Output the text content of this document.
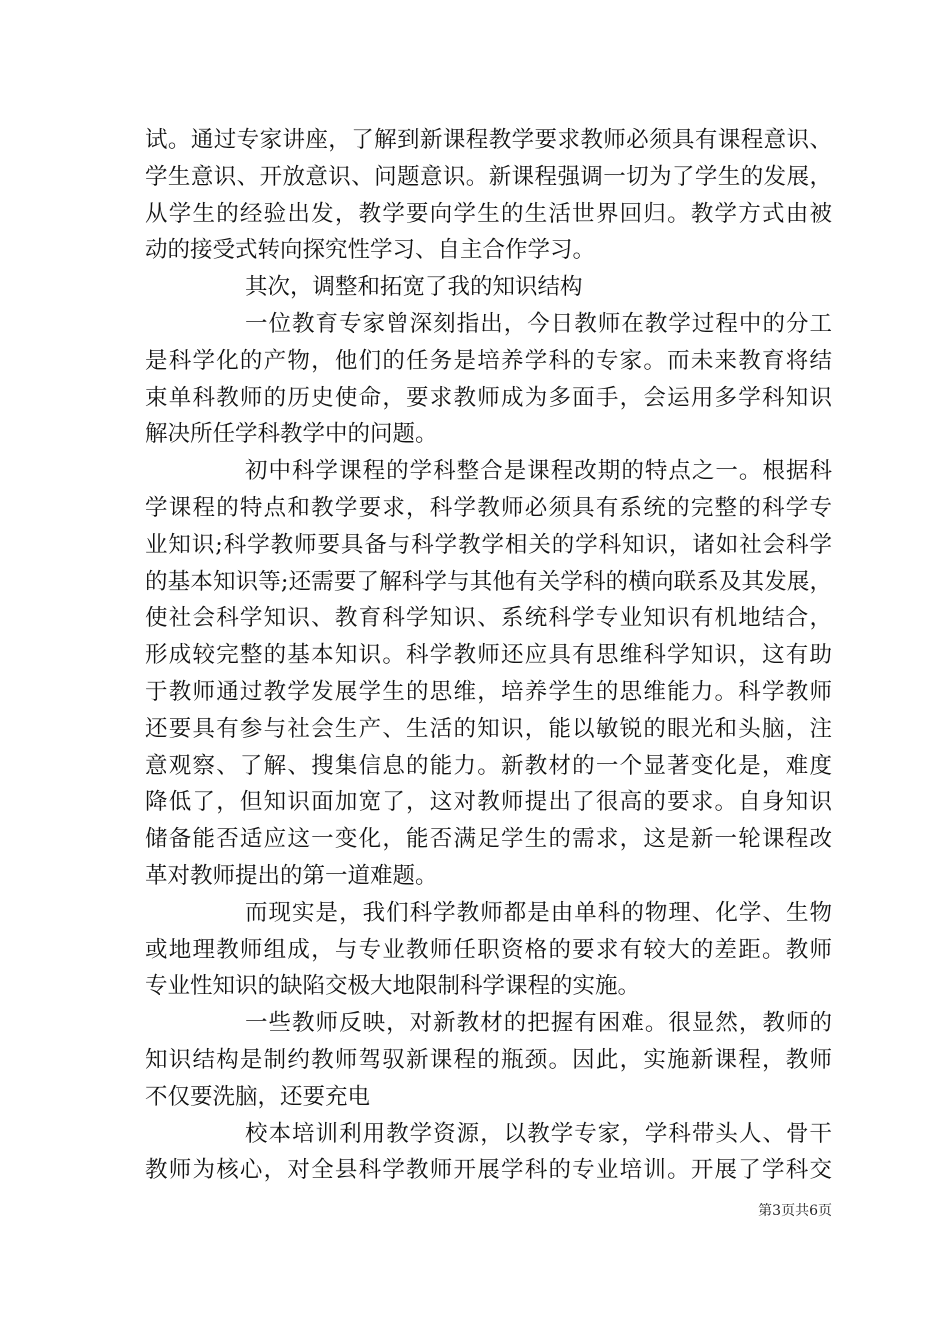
试。通过专家讲座，了解到新课程教学要求教师必须具有课程意识、
学生意识、开放意识、问题意识。新课程强调一切为了学生的发展，
从学生的经验出发，教学要向学生的生活世界回归。教学方式由被
动的接受式转向探究性学习、自主合作学习。
其次，调整和拓宽了我的知识结构
一位教育专家曾深刻指出，今日教师在教学过程中的分工
是科学化的产物，他们的任务是培养学科的专家。而未来教育将结
束单科教师的历史使命，要求教师成为多面手，会运用多学科知识
解决所任学科教学中的问题。
初中科学课程的学科整合是课程改期的特点之一。根据科
学课程的特点和教学要求，科学教师必须具有系统的完整的科学专
业知识;科学教师要具备与科学教学相关的学科知识，诸如社会科学
的基本知识等;还需要了解科学与其他有关学科的横向联系及其发展，
使社会科学知识、教育科学知识、系统科学专业知识有机地结合，
形成较完整的基本知识。科学教师还应具有思维科学知识，这有助
于教师通过教学发展学生的思维，培养学生的思维能力。科学教师
还要具有参与社会生产、生活的知识，能以敏锐的眼光和头脑，注
意观察、了解、搜集信息的能力。新教材的一个显著变化是，难度
降低了，但知识面加宽了，这对教师提出了很高的要求。自身知识
储备能否适应这一变化，能否满足学生的需求，这是新一轮课程改
革对教师提出的第一道难题。
而现实是，我们科学教师都是由单科的物理、化学、生物
或地理教师组成，与专业教师任职资格的要求有较大的差距。教师
专业性知识的缺陷交极大地限制科学课程的实施。
一些教师反映，对新教材的把握有困难。很显然，教师的
知识结构是制约教师驾驭新课程的瓶颈。因此，实施新课程，教师
不仅要洗脑，还要充电
校本培训利用教学资源，以教学专家，学科带头人、骨干
教师为核心，对全县科学教师开展学科的专业培训。开展了学科交
第3页共6页
